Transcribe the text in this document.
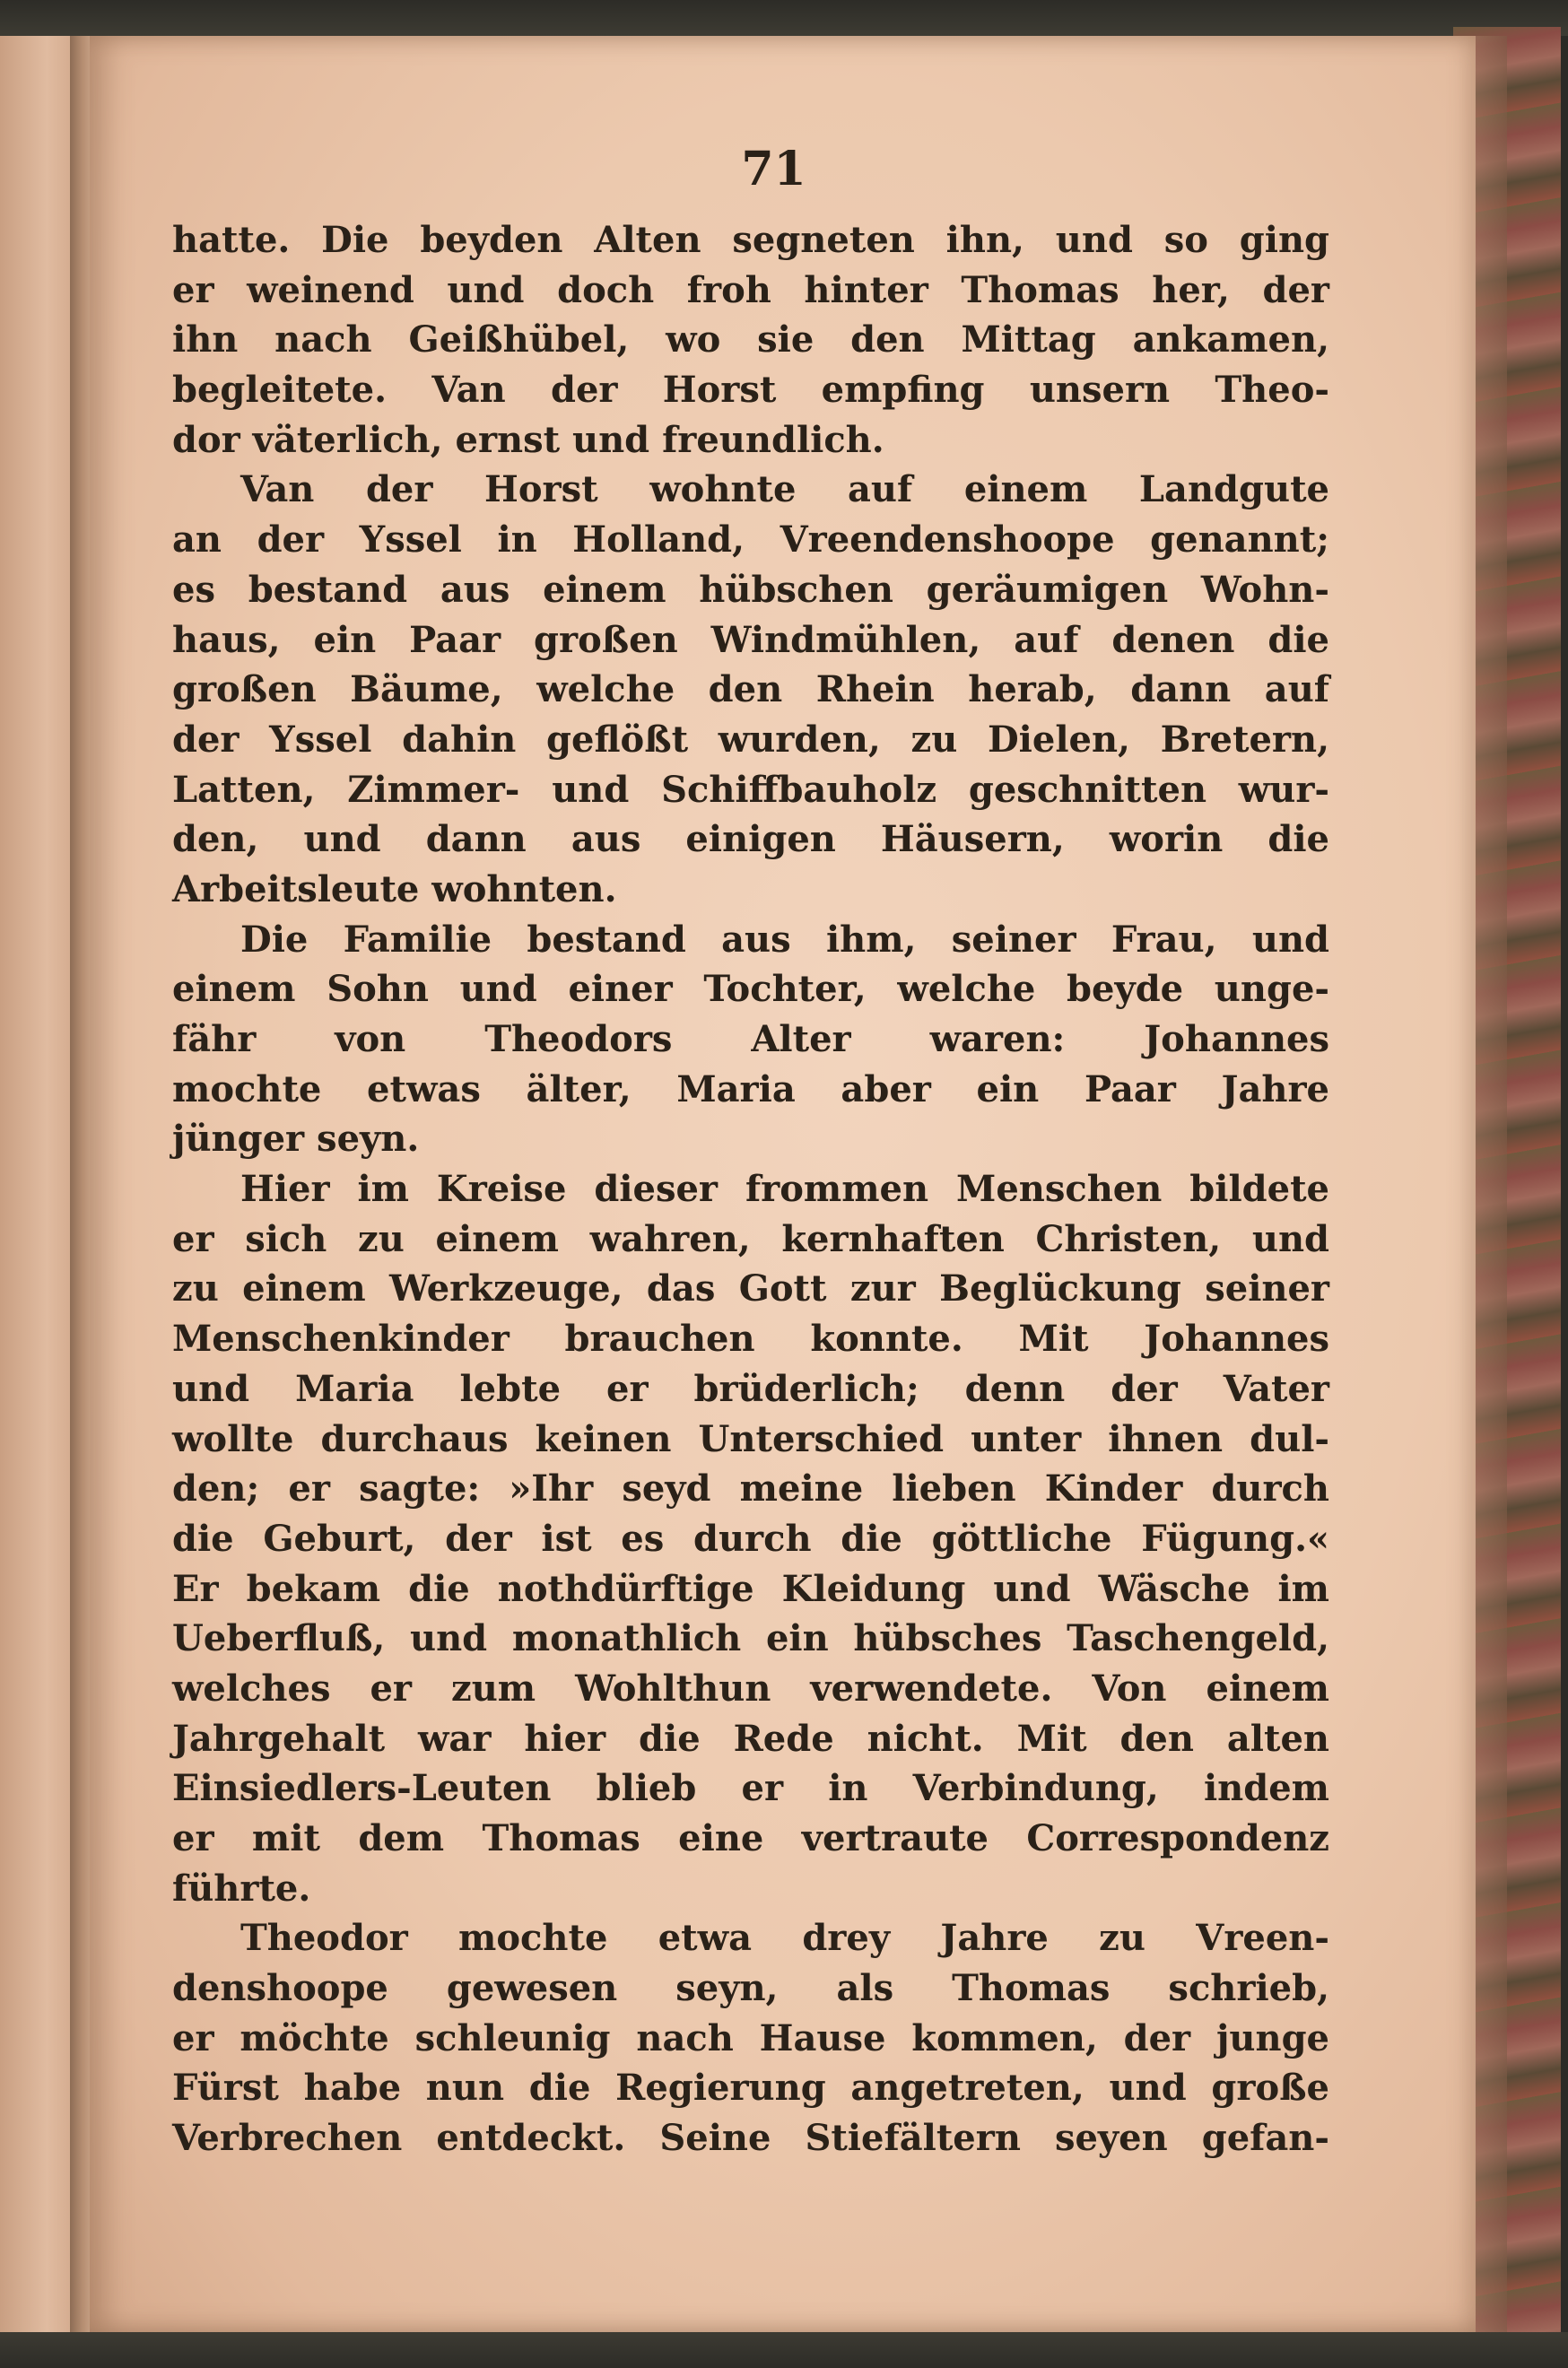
71
hatte. Die beyden Alten segneten ihn, und so ging
er weinend und doch froh hinter Thomas her, der
ihn nach Geißhübel, wo sie den Mittag ankamen,
begleitete. Van der Horst empfing unsern Theo-
dor väterlich, ernst und freundlich.
Van der Horst wohnte auf einem Landgute
an der Yssel in Holland, Vreendenshoope genannt;
es bestand aus einem hübschen geräumigen Wohn-
haus, ein Paar großen Windmühlen, auf denen die
großen Bäume, welche den Rhein herab, dann auf
der Yssel dahin geflößt wurden, zu Dielen, Bretern,
Latten, Zimmer- und Schiffbauholz geschnitten wur-
den, und dann aus einigen Häusern, worin die
Arbeitsleute wohnten.
Die Familie bestand aus ihm, seiner Frau, und
einem Sohn und einer Tochter, welche beyde unge-
fähr von Theodors Alter waren: Johannes
mochte etwas älter, Maria aber ein Paar Jahre
jünger seyn.
Hier im Kreise dieser frommen Menschen bildete
er sich zu einem wahren, kernhaften Christen, und
zu einem Werkzeuge, das Gott zur Beglückung seiner
Menschenkinder brauchen konnte. Mit Johannes
und Maria lebte er brüderlich; denn der Vater
wollte durchaus keinen Unterschied unter ihnen dul-
den; er sagte: »Ihr seyd meine lieben Kinder durch
die Geburt, der ist es durch die göttliche Fügung.«
Er bekam die nothdürftige Kleidung und Wäsche im
Ueberfluß, und monathlich ein hübsches Taschengeld,
welches er zum Wohlthun verwendete. Von einem
Jahrgehalt war hier die Rede nicht. Mit den alten
Einsiedlers-Leuten blieb er in Verbindung, indem
er mit dem Thomas eine vertraute Correspondenz
führte.
Theodor mochte etwa drey Jahre zu Vreen-
denshoope gewesen seyn, als Thomas schrieb,
er möchte schleunig nach Hause kommen, der junge
Fürst habe nun die Regierung angetreten, und große
Verbrechen entdeckt. Seine Stiefältern seyen gefan-
